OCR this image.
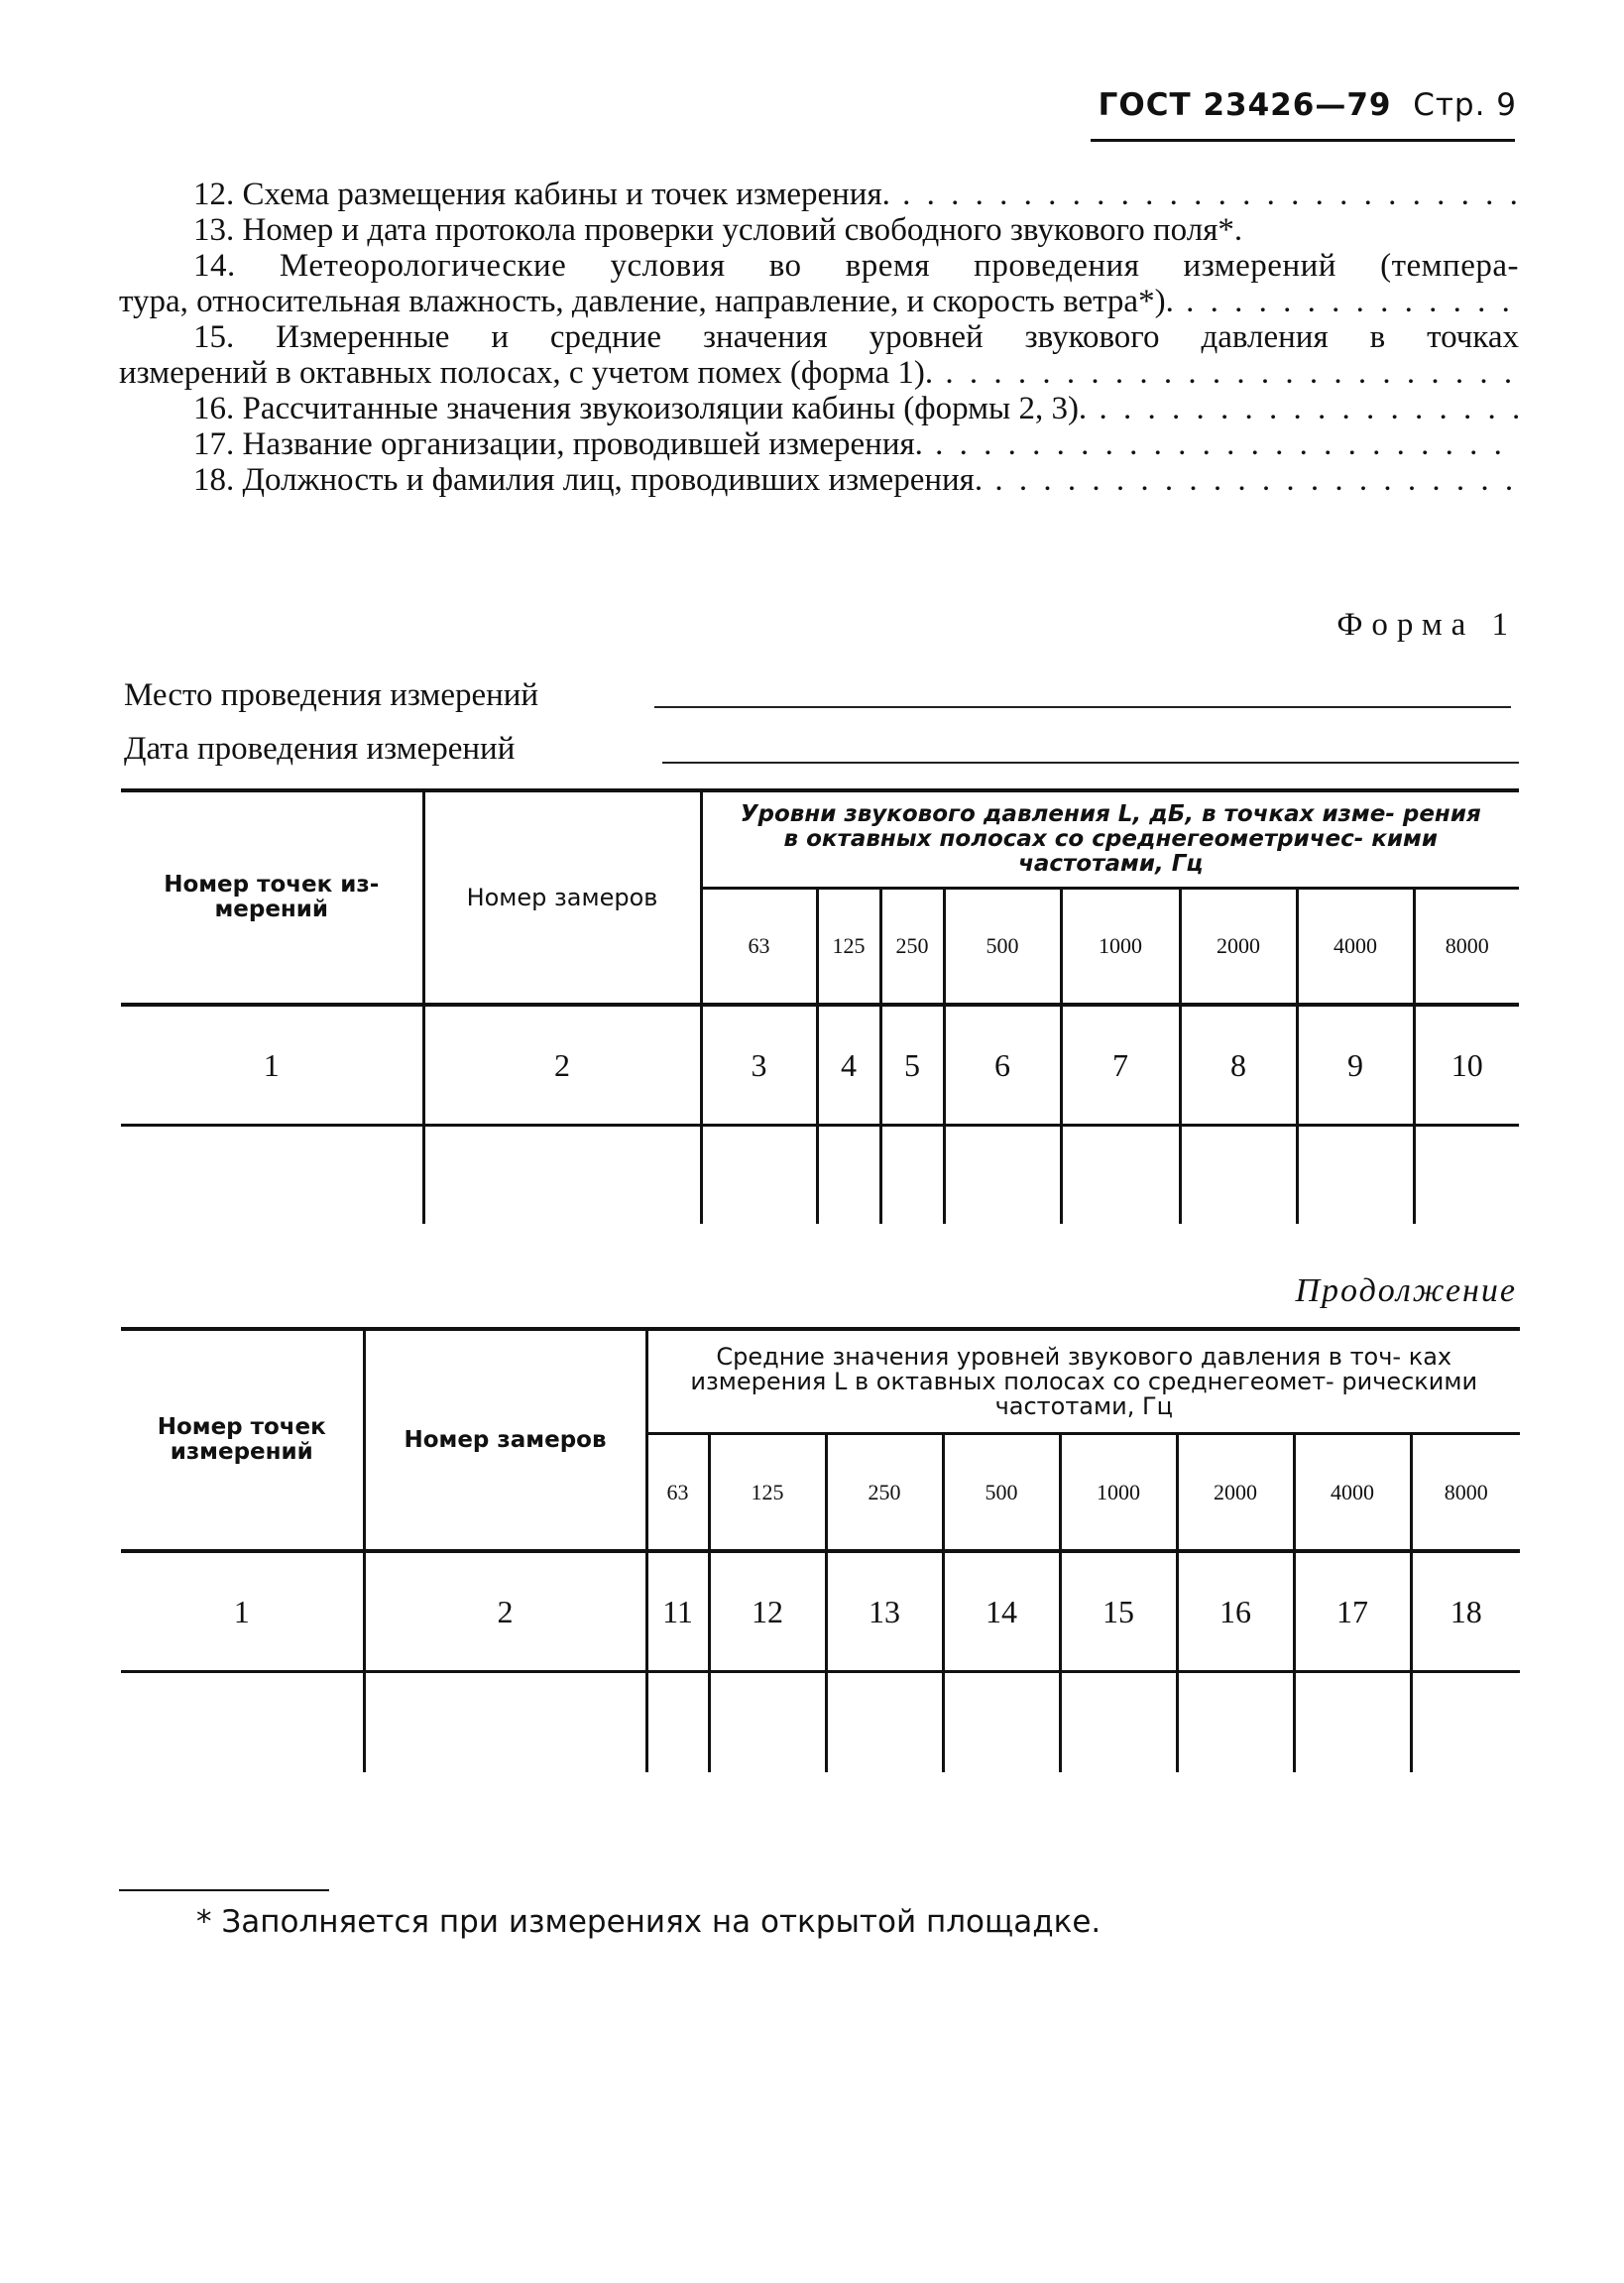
ГОСТ 23426—79 Стр. 9
12. Схема размещения кабины и точек измерения. . . .
13. Номер и дата протокола проверки условий свободного звукового поля*.
14. Метеорологические условия во время проведения измерений (темпера-
тура, относительная влажность, давление, направление, и скорость ветра*). . . .
15. Измеренные и средние значения уровней звукового давления в точках
измерений в октавных полосах, с учетом помех (форма 1). . . .
16. Рассчитанные значения звукоизоляции кабины (формы 2, 3). . . .
17. Название организации, проводившей измерения. . . .
18. Должность и фамилия лиц, проводивших измерения. . . .
Форма 1
Место проведения измерений
Дата проведения измерений
Номер точек из- мерений	Номер замеров	Уровни звукового давления L, дБ, в точках изме- рения в октавных полосах со среднегеометричес- кими частотами, Гц							
		63	125	250	500	1000	2000	4000	8000
1	2	3	4	5	6	7	8	9	10

Продолжение
Номер точек измерений	Номер замеров	Средние значения уровней звукового давления в точ- ках измерения L в октавных полосах со среднегеомет- рическими частотами, Гц							
		63	125	250	500	1000	2000	4000	8000
1	2	11	12	13	14	15	16	17	18

* Заполняется при измерениях на открытой площадке.
